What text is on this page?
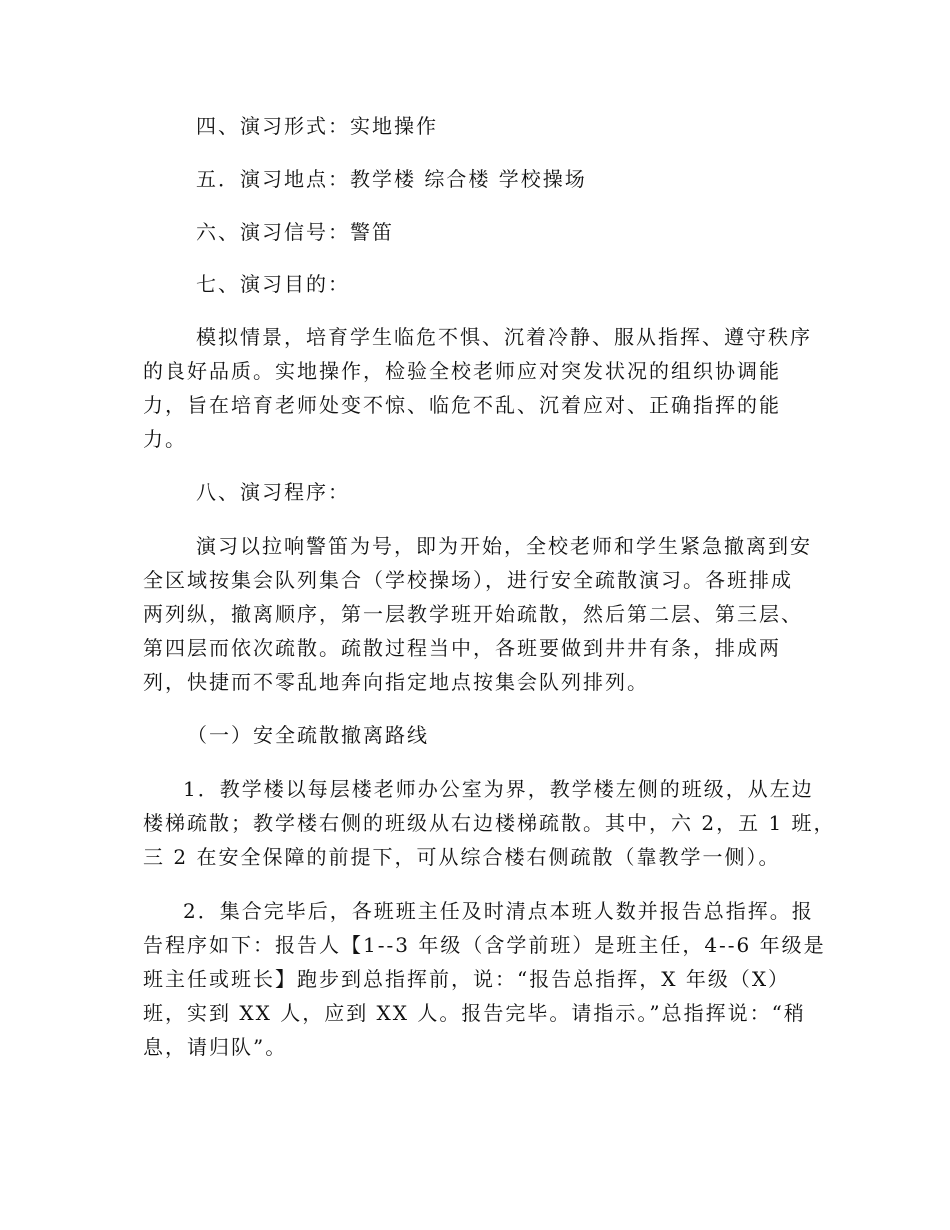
四、演习形式：实地操作
五．演习地点：教学楼 综合楼 学校操场
六、演习信号：警笛
七、演习目的：
模拟情景，培育学生临危不惧、沉着冷静、服从指挥、遵守秩序
的良好品质。实地操作，检验全校老师应对突发状况的组织协调能
力，旨在培育老师处变不惊、临危不乱、沉着应对、正确指挥的能
力。
八、演习程序：
演习以拉响警笛为号，即为开始，全校老师和学生紧急撤离到安
全区域按集会队列集合（学校操场），进行安全疏散演习。各班排成
两列纵，撤离顺序，第一层教学班开始疏散，然后第二层、第三层、
第四层而依次疏散。疏散过程当中，各班要做到井井有条，排成两
列，快捷而不零乱地奔向指定地点按集会队列排列。
（一）安全疏散撤离路线
1．教学楼以每层楼老师办公室为界，教学楼左侧的班级，从左边
楼梯疏散；教学楼右侧的班级从右边楼梯疏散。其中，六 2，五 1 班，
三 2 在安全保障的前提下，可从综合楼右侧疏散（靠教学一侧）。
2．集合完毕后，各班班主任及时清点本班人数并报告总指挥。报
告程序如下：报告人【1--3 年级（含学前班）是班主任，4--6 年级是
班主任或班长】跑步到总指挥前，说：“报告总指挥，X 年级（X）
班，实到 XX 人，应到 XX 人。报告完毕。请指示。”总指挥说：“稍
息，请归队”。
